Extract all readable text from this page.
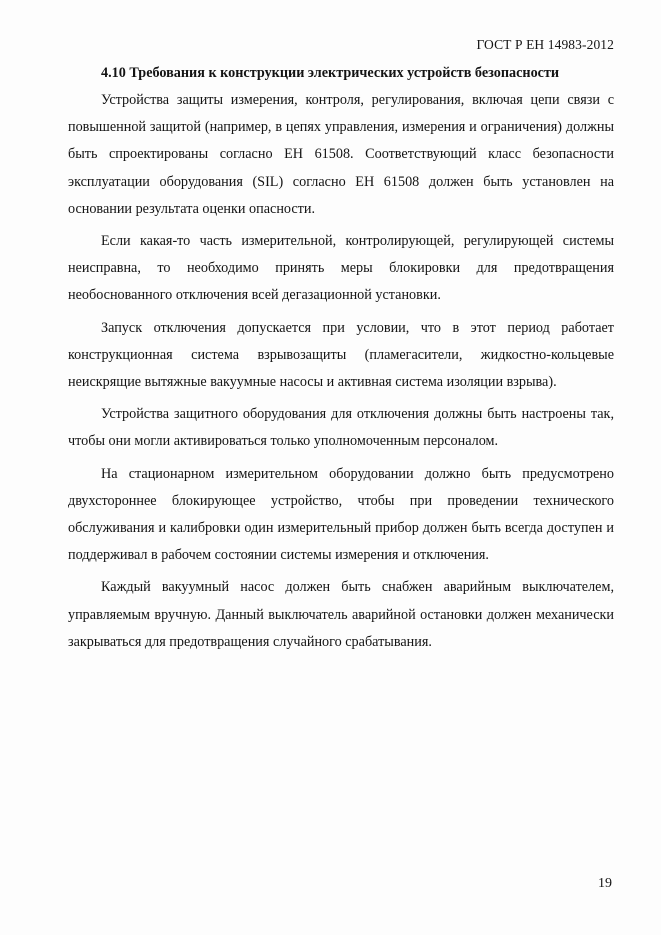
ГОСТ Р ЕН 14983-2012
4.10 Требования к конструкции электрических устройств безопасности

Устройства защиты измерения, контроля, регулирования, включая цепи связи с повышенной защитой (например, в цепях управления, измерения и ограничения) должны быть спроектированы согласно ЕН 61508. Соответствующий класс безопасности эксплуатации оборудования (SIL) согласно ЕН 61508 должен быть установлен на основании результата оценки опасности.

Если какая-то часть измерительной, контролирующей, регулирующей системы неисправна, то необходимо принять меры блокировки для предотвращения необоснованного отключения всей дегазационной установки.

Запуск отключения допускается при условии, что в этот период работает конструкционная система взрывозащиты (пламегасители, жидкостно-кольцевые неискрящие вытяжные вакуумные насосы и активная система изоляции взрыва).

Устройства защитного оборудования для отключения должны быть настроены так, чтобы они могли активироваться только уполномоченным персоналом.

На стационарном измерительном оборудовании должно быть предусмотрено двухстороннее блокирующее устройство, чтобы при проведении технического обслуживания и калибровки один измерительный прибор должен быть всегда доступен и поддерживал в рабочем состоянии системы измерения и отключения.

Каждый вакуумный насос должен быть снабжен аварийным выключателем, управляемым вручную. Данный выключатель аварийной остановки должен механически закрываться для предотвращения случайного срабатывания.

19
